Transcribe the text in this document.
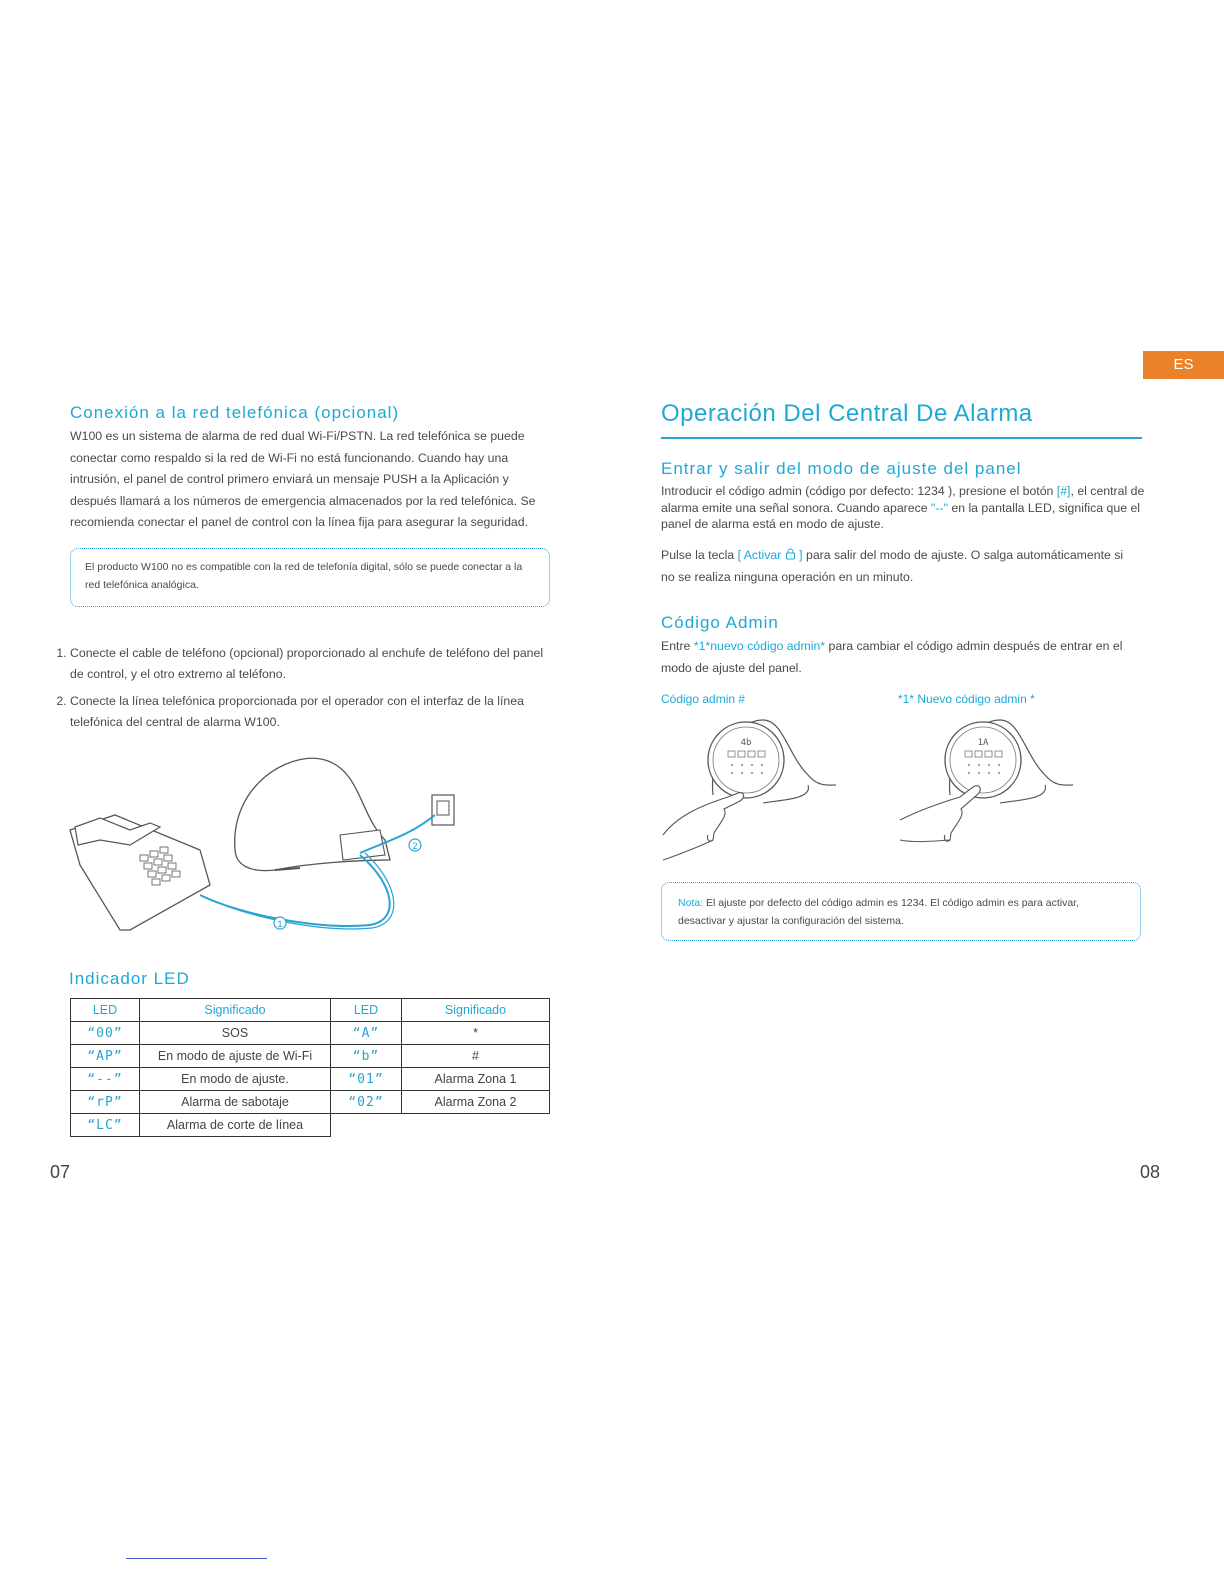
ES
Conexión a la red telefónica (opcional)

W100 es un sistema de alarma de red dual Wi-Fi/PSTN. La red telefónica se puede conectar como respaldo si la red de Wi-Fi no está funcionando. Cuando hay una intrusión, el panel de control primero enviará un mensaje PUSH a la Aplicación y después llamará a los números de emergencia almacenados por la red telefónica. Se recomienda conectar el panel de control con la línea fija para asegurar la seguridad.

El producto W100 no es compatible con la red de telefonía digital, sólo se puede conectar a la red telefónica analógica.
1. Conecte el cable de teléfono (opcional) proporcionado al enchufe de teléfono del panel de control, y el otro extremo al teléfono.
2. Conecte la línea telefónica proporcionada por el operador con el interfaz de la línea telefónica del central de alarma W100.
1
2
Indicador LED
LED	Significado	LED	Significado
“00”	SOS	“A”	*
“AP”	En modo de ajuste de Wi-Fi	“b”	#
“--”	En modo de ajuste.	“01”	Alarma Zona 1
“rP”	Alarma de sabotaje	“02”	Alarma Zona 2
“LC”	Alarma de corte de línea		
07
Operación Del Central De Alarma
Entrar y salir del modo de ajuste del panel

Introducir el código admin (código por defecto: 1234 ), presione el botón [#], el central de alarma emite una señal sonora. Cuando aparece "--" en la pantalla LED, significa que el panel de alarma está en modo de ajuste.

Pulse la tecla [ Activar  ] para salir del modo de ajuste. O salga automáticamente si no se realiza ninguna operación en un minuto.

Código Admin

Entre *1*nuevo código admin* para cambiar el código admin después de entrar en el modo de ajuste del panel.

Código admin #	*1* Nuevo código admin *
4b	1A
Nota: El ajuste por defecto del código admin es 1234. El código admin es para activar, desactivar y ajustar la configuración del sistema.
08
